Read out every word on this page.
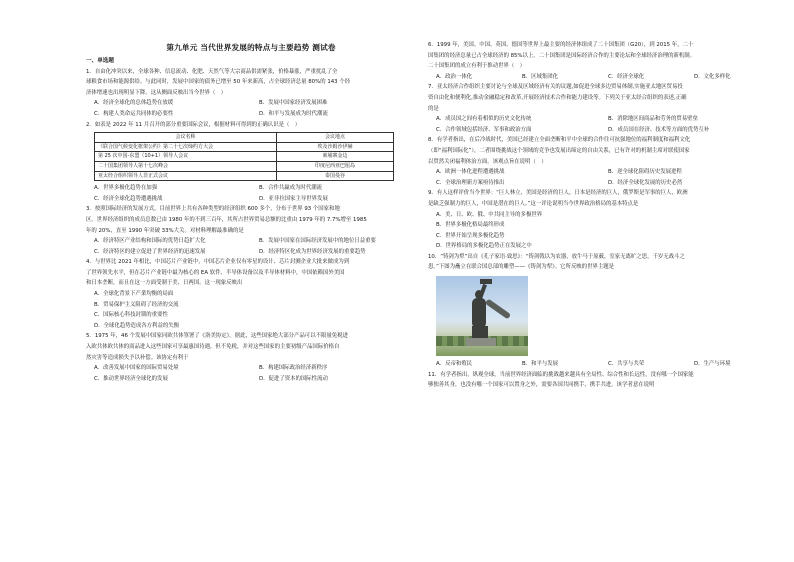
第九单元 当代世界发展的特点与主要趋势 测试卷

一、单选题

1．自由化冲突以来，全球各种、信息流动、化肥、天然气等大宗商品供需紧张，价格暴涨，严重扰乱了全

球粮食市场和能源供给。与此同时，发展中国家的债务已增至 50 年来新高，占全球经济总量 80%的 143 个经

济体增速也出现明显下降。这从侧面反映出当今世界（　）

A．经济全球化的总体趋势在放缓	B．发展中国家经济发展困难
C．构建人类命运共同体的必要性	D．和平与发展成为时代潮流

2．如表是 2022 年 11 月召开的部分重要国际会议，根据材料可得到的正确认识是（　）

会议名称	会议地点
《联合国气候变化框架公约》第二十七次缔约方大会	埃及沙姆沙伊赫
第 25 次中国-东盟（10+1）领导人会议	柬埔寨金边
二十国集团领导人第十七次峰会	印度尼西亚巴厘岛
亚太经合组织领导人非正式会议	泰国曼谷
A．世界多极化趋势在加强	B．合作共赢成为时代潮流
C．经济全球化趋势遭遇挑战	D．亚非拉国家主导世界发展

3．按照国际经济的发展方式，目前世界上共有各种类型的经济组织 600 多个，分布于世界 93 个国家和地

区。世界经济组织的成员总数已由 1980 年的不到三百年，其所占世界贸易总额的比重由 1979 年的 7.7%增至 1985

年的 20%，直至 1990 年突破 33%大关。对材料理解最准确的是

A．经济特区产业结构和国际的优势日趋扩大化	B．发展中国家在国际经济发展中的地位日益重要
C．经济特区的建立促进了世界经济的迅速发展	D．经济特区化成为世界经济发展的重要趋势

4．与世界比 2021 年相比，中国芯片产业链中，中国芯片企业仅有零星的设计、芯片封测企业大批来做成为到

了世界领先水平，但在芯片产业链中最为核心的 EA 软件、半导体设备以及半导体材料中，中国依赖国外美国

和日本垄断，而且在这一方面受制于美、日两国。这一现象反映出

A．全球化背景下产業均衡的局面
B．贸易保护主义阻碍了经济的交流
C．国际核心科技封锁的重要性
D．全球化趋势造成各方利益的失衡

5．1975 年，46 个发展中国家同欧共体签署了《洛美协定》。据此，这些国家绝大部分产品可以不限量免税进

入欧共体欧共体的商品进入这些国家可享最惠国待遇，但不免税，并对这些国家的主要初级产品国际价格自

然灾害等造成损失予以补偿。该协定有利于

A．改善发展中国家的国际贸易处境	B．构建国际政治经济新秩序
C．推动世界经济全球化的发展	D．促进了资本的国际性流动

6．1999 年，美国、中国、英国、德国等世界上最主要的经济体组成了二十国集团（G20），到 2015 年，二十

国集团的经济总量已占全球经济的 85%以上。二十国集团是国际经济合作的主要论坛和全球经济治理的新机制。

二十国集团的成立有利于推动世界（　）

A．政治一体化	B．区域集团化	C．经济全球化	D．文化多样化

7．亚太经济合作组织主要讨论与全球及区域经济有关的议题,如促进全球多边贸易体制,实施亚太地区贸易投

资自由化和便利化,推动金融稳定和改革,开展经济技术合作和能力建设等。下列关于亚太经合组织的表述,正确

的是

A．成员国之间有着相似的历史文化传统	B．消除地区间商品和劳务的贸易壁垒
C．合作领域包括经济、军事和政治方面	D．成员国在经济、技术等方面的优势互补

8．有学者指出，在后冷战时代，美国已经建立全面垄断和平中全球的合作往可抗强地位的福利制度和福利文化

（即“福利国际化”），二者围绕挑战这个领域的竞争也发展出缔定的自由关系，已有许对的机制主席对联使国家

以贸然关闭福利体治方面。该观点旨在说明（　）

A．欧洲一体化进程遭遇挑战	B．逆全球化阻碍历史发展进程
C．全球治理新方案亟待推出	D．经济全球化发展的历史必然

9．有人这样评价当今世界：“巨人林立，美国是经济的巨人，日本是经济的巨人，俄罗斯是军事的巨人，欧洲

是缺乏强制力的巨人，中国是潜在的巨人。”这一评论说明当今世界政治格局的基本特点是

A．美、日、欧、俄、中共同主导的多极世界
B．世界多极化格局最终形成
C．世界开始呈现多极化趋势
D．世界格局的多极化趋势正在发展之中

10．“铸剑为犁”出自《孔子家语·致思》：“铸剑戟以为农器，放牛马于原薮，室家无离旷之思，千岁无战斗之

患。”下图为矗立在联合国总部的雕塑——《铸剑为犁》。它所反映的世界主题是

A．反帝和殖民	B．和平与发展	C．共享与共荣	D．生产与环境

11．有学者指出，纵观全球，当前世界经济面临的挑战越来越具有全局性、综合性和长远性，没有哪一个国家能

够独善其身，也没有哪一个国家可以置身之外，需要各国共同携手，携手共进。该学者意在说明
